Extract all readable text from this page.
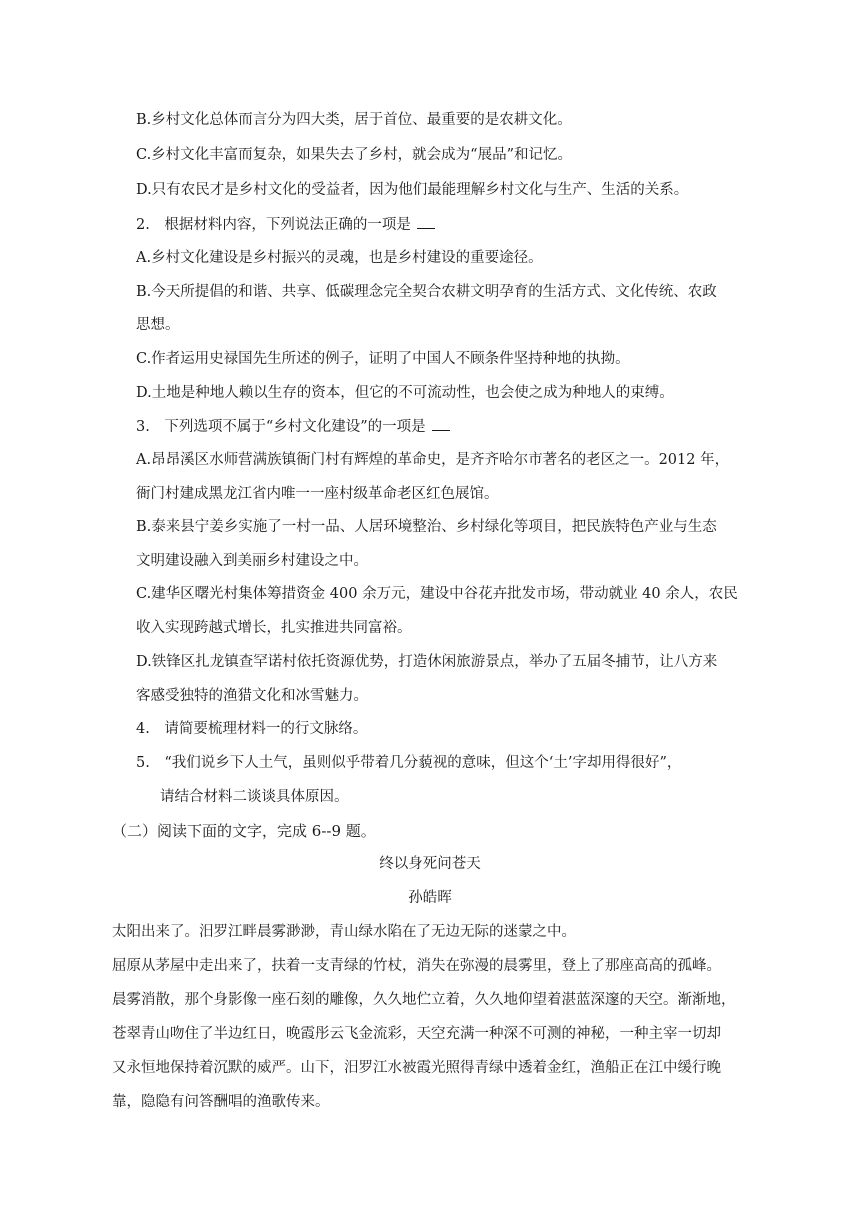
B.乡村文化总体而言分为四大类，居于首位、最重要的是农耕文化。
C.乡村文化丰富而复杂，如果失去了乡村，就会成为“展品”和记忆。
D.只有农民才是乡村文化的受益者，因为他们最能理解乡村文化与生产、生活的关系。
2.　根据材料内容，下列说法正确的一项是
A.乡村文化建设是乡村振兴的灵魂，也是乡村建设的重要途径。
B.今天所提倡的和谐、共享、低碳理念完全契合农耕文明孕育的生活方式、文化传统、农政
思想。
C.作者运用史禄国先生所述的例子，证明了中国人不顾条件坚持种地的执拗。
D.土地是种地人赖以生存的资本，但它的不可流动性，也会使之成为种地人的束缚。
3.　下列选项不属于“乡村文化建设”的一项是
A.昂昂溪区水师营满族镇衙门村有辉煌的革命史，是齐齐哈尔市著名的老区之一。2012 年，
衙门村建成黑龙江省内唯一一座村级革命老区红色展馆。
B.泰来县宁姜乡实施了一村一品、人居环境整治、乡村绿化等项目，把民族特色产业与生态
文明建设融入到美丽乡村建设之中。
C.建华区曙光村集体筹措资金 400 余万元，建设中谷花卉批发市场，带动就业 40 余人，农民
收入实现跨越式增长，扎实推进共同富裕。
D.铁锋区扎龙镇查罕诺村依托资源优势，打造休闲旅游景点，举办了五届冬捕节，让八方来
客感受独特的渔猎文化和冰雪魅力。
4.　请简要梳理材料一的行文脉络。
5.　“我们说乡下人土气，虽则似乎带着几分藐视的意味，但这个‘土’字却用得很好”，
请结合材料二谈谈具体原因。
（二）阅读下面的文字，完成 6--9 题。
终以身死问苍天
孙皓晖
太阳出来了。汨罗江畔晨雾渺渺，青山绿水陷在了无边无际的迷蒙之中。
屈原从茅屋中走出来了，扶着一支青绿的竹杖，消失在弥漫的晨雾里，登上了那座高高的孤峰。
晨雾消散，那个身影像一座石刻的雕像，久久地伫立着，久久地仰望着湛蓝深邃的天空。渐渐地，
苍翠青山吻住了半边红日，晚霞彤云飞金流彩，天空充满一种深不可测的神秘，一种主宰一切却
又永恒地保持着沉默的威严。山下，汨罗江水被霞光照得青绿中透着金红，渔船正在江中缓行晚
靠，隐隐有问答酬唱的渔歌传来。
